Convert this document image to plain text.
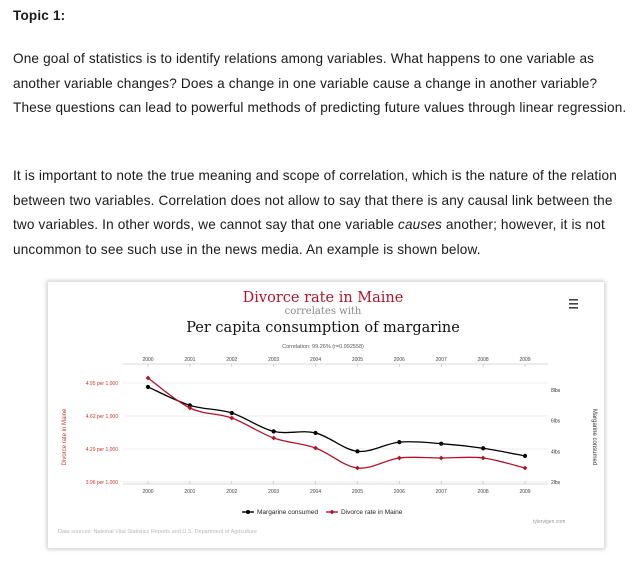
Topic 1:

One goal of statistics is to identify relations among variables. What happens to one variable as another variable changes? Does a change in one variable cause a change in another variable? These questions can lead to powerful methods of predicting future values through linear regression.

It is important to note the true meaning and scope of correlation, which is the nature of the relation between two variables. Correlation does not allow to say that there is any causal link between the two variables. In other words, we cannot say that one variable causes another; however, it is not uncommon to see such use in the news media. An example is shown below.

Divorce rate in Maine
correlates with
Per capita consumption of margarine
Correlation: 99.26% (r=0.992558)
Divorce rate in Maine	Margarine consumed
4.95 per 1,000
4.62 per 1,000
4.29 per 1,000
3.96 per 1,000
8lbs
6lbs
4lbs
2lbs
2000	2001	2002	2003	2004	2005	2006	2007	2008	2009
2000	2001	2002	2003	2004	2005	2006	2007	2008	2009
Margarine consumed	Divorce rate in Maine
tylervigen.com
Data sources: National Vital Statistics Reports and U.S. Department of Agriculture
